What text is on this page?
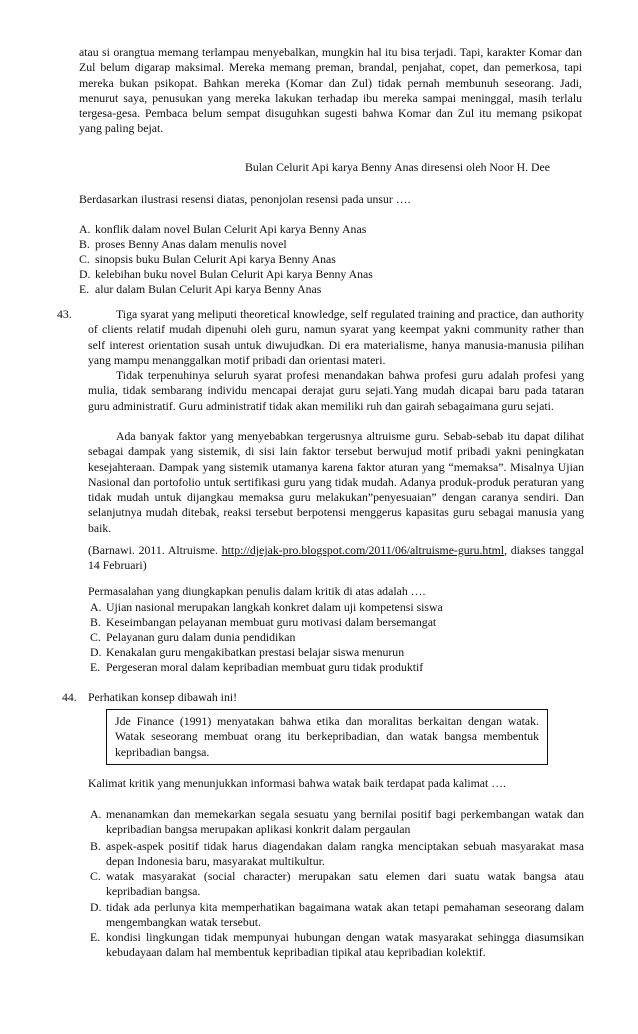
atau si orangtua memang terlampau menyebalkan, mungkin hal itu bisa terjadi. Tapi, karakter Komar dan Zul belum digarap maksimal. Mereka memang preman, brandal, penjahat, copet, dan pemerkosa, tapi mereka bukan psikopat. Bahkan mereka (Komar dan Zul) tidak pernah membunuh seseorang. Jadi, menurut saya, penusukan yang mereka lakukan terhadap ibu mereka sampai meninggal, masih terlalu tergesa-gesa. Pembaca belum sempat disuguhkan sugesti bahwa Komar dan Zul itu memang psikopat yang paling bejat.
Bulan Celurit Api karya Benny Anas diresensi oleh Noor H. Dee
Berdasarkan ilustrasi resensi diatas, penonjolan resensi pada unsur ….
A. konflik dalam novel Bulan Celurit Api karya Benny Anas
B. proses Benny Anas dalam menulis novel
C. sinopsis buku Bulan Celurit Api karya Benny Anas
D. kelebihan buku novel Bulan Celurit Api karya Benny Anas
E. alur dalam Bulan Celurit Api karya Benny Anas
43.	Tiga syarat yang meliputi theoretical knowledge, self regulated training and practice, dan authority of clients relatif mudah dipenuhi oleh guru, namun syarat yang keempat yakni community rather than self interest orientation susah untuk diwujudkan. Di era materialisme, hanya manusia-manusia pilihan yang mampu menanggalkan motif pribadi dan orientasi materi.
Tidak terpenuhinya seluruh syarat profesi menandakan bahwa profesi guru adalah profesi yang mulia, tidak sembarang individu mencapai derajat guru sejati.Yang mudah dicapai baru pada tataran guru administratif. Guru administratif tidak akan memiliki ruh dan gairah sebagaimana guru sejati.
Ada banyak faktor yang menyebabkan tergerusnya altruisme guru. Sebab-sebab itu dapat dilihat sebagai dampak yang sistemik, di sisi lain faktor tersebut berwujud motif pribadi yakni peningkatan kesejahteraan. Dampak yang sistemik utamanya karena faktor aturan yang “memaksa”. Misalnya Ujian Nasional dan portofolio untuk sertifikasi guru yang tidak mudah. Adanya produk-produk peraturan yang tidak mudah untuk dijangkau memaksa guru melakukan”penyesuaian” dengan caranya sendiri. Dan selanjutnya mudah ditebak, reaksi tersebut berpotensi menggerus kapasitas guru sebagai manusia yang baik.
(Barnawi. 2011. Altruisme. http://djejak-pro.blogspot.com/2011/06/altruisme-guru.html, diakses tanggal 14 Februari)
Permasalahan yang diungkapkan penulis dalam kritik di atas adalah ….
A. Ujian nasional merupakan langkah konkret dalam uji kompetensi siswa
B. Keseimbangan pelayanan membuat guru motivasi dalam bersemangat
C. Pelayanan guru dalam dunia pendidikan
D. Kenakalan guru mengakibatkan prestasi belajar siswa menurun
E. Pergeseran moral dalam kepribadian membuat guru tidak produktif
44. Perhatikan konsep dibawah ini!
Jde Finance (1991) menyatakan bahwa etika dan moralitas berkaitan dengan watak. Watak seseorang membuat orang itu berkepribadian, dan watak bangsa membentuk kepribadian bangsa.
Kalimat kritik yang menunjukkan informasi bahwa watak baik terdapat pada kalimat ….
A. menanamkan dan memekarkan segala sesuatu yang bernilai positif bagi perkembangan watak dan kepribadian bangsa merupakan aplikasi konkrit dalam pergaulan
B. aspek-aspek positif tidak harus diagendakan dalam rangka menciptakan sebuah masyarakat masa depan Indonesia baru, masyarakat multikultur.
C. watak masyarakat (social character) merupakan satu elemen dari suatu watak bangsa atau kepribadian bangsa.
D. tidak ada perlunya kita memperhatikan bagaimana watak akan tetapi pemahaman seseorang dalam mengembangkan watak tersebut.
E. kondisi lingkungan tidak mempunyai hubungan dengan watak masyarakat sehingga diasumsikan kebudayaan dalam hal membentuk kepribadian tipikal atau kepribadian kolektif.
